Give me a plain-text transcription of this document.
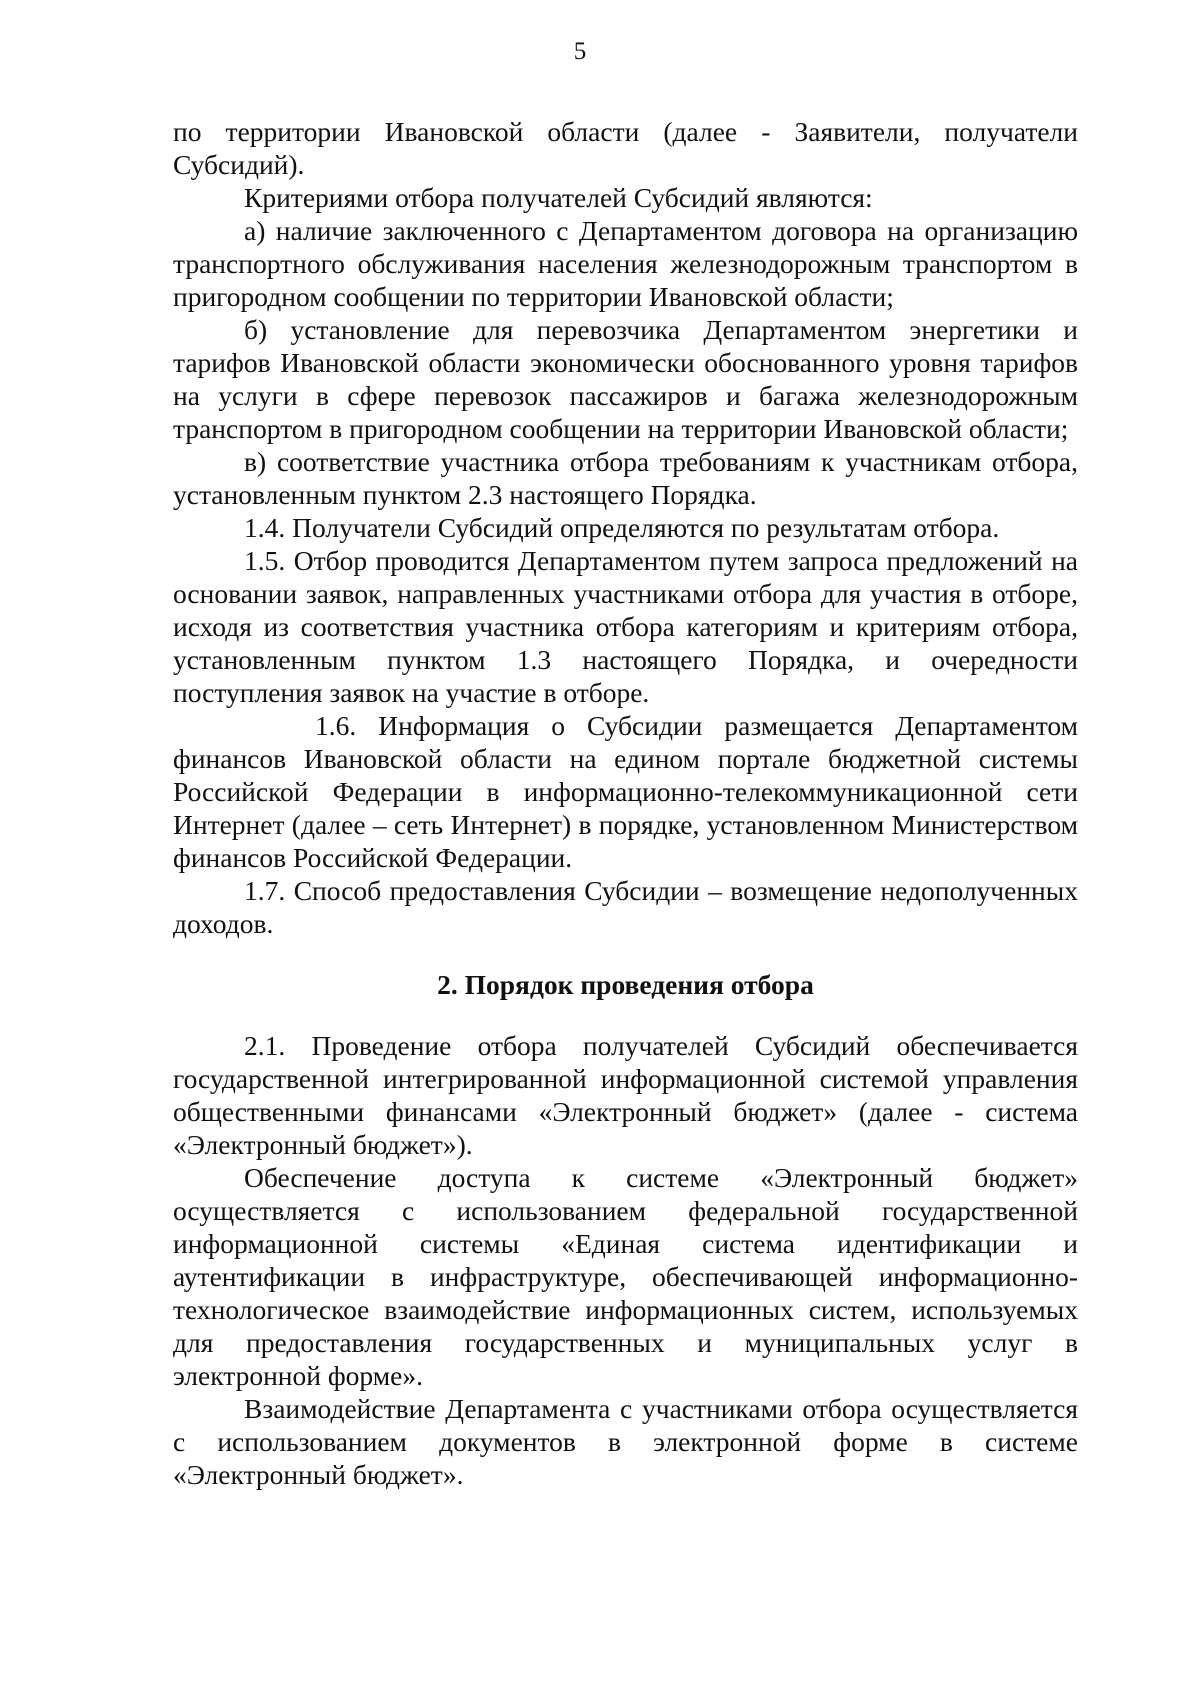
5

по территории Ивановской области (далее - Заявители, получатели Субсидий).

Критериями отбора получателей Субсидий являются:

а) наличие заключенного с Департаментом договора на организацию транспортного обслуживания населения железнодорожным транспортом в пригородном сообщении по территории Ивановской области;

б) установление для перевозчика Департаментом энергетики и тарифов Ивановской области экономически обоснованного уровня тарифов на услуги в сфере перевозок пассажиров и багажа железнодорожным транспортом в пригородном сообщении на территории Ивановской области;

в) соответствие участника отбора требованиям к участникам отбора, установленным пунктом 2.3 настоящего Порядка.

1.4. Получатели Субсидий определяются по результатам отбора.

1.5. Отбор проводится Департаментом путем запроса предложений на основании заявок, направленных участниками отбора для участия в отборе, исходя из соответствия участника отбора категориям и критериям отбора, установленным пунктом 1.3 настоящего Порядка, и очередности поступления заявок на участие в отборе.

1.6. Информация о Субсидии размещается Департаментом финансов Ивановской области на едином портале бюджетной системы Российской Федерации в информационно-телекоммуникационной сети Интернет (далее – сеть Интернет) в порядке, установленном Министерством финансов Российской Федерации.

1.7. Способ предоставления Субсидии – возмещение недополученных доходов.

2. Порядок проведения отбора

2.1. Проведение отбора получателей Субсидий обеспечивается государственной интегрированной информационной системой управления общественными финансами «Электронный бюджет» (далее - система «Электронный бюджет»).

Обеспечение доступа к системе «Электронный бюджет» осуществляется с использованием федеральной государственной информационной системы «Единая система идентификации и аутентификации в инфраструктуре, обеспечивающей информационно-технологическое взаимодействие информационных систем, используемых для предоставления государственных и муниципальных услуг в электронной форме».

Взаимодействие Департамента с участниками отбора осуществляется с использованием документов в электронной форме в системе «Электронный бюджет».
